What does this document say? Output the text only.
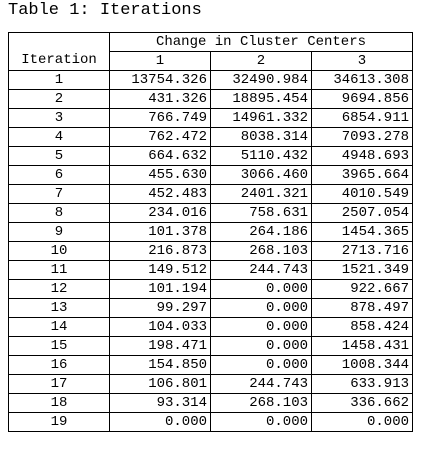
Table 1: Iterations
	Change in Cluster Centers		
Iteration	1	2	3
1	13754.326	32490.984	34613.308
2	431.326	18895.454	9694.856
3	766.749	14961.332	6854.911
4	762.472	8038.314	7093.278
5	664.632	5110.432	4948.693
6	455.630	3066.460	3965.664
7	452.483	2401.321	4010.549
8	234.016	758.631	2507.054
9	101.378	264.186	1454.365
10	216.873	268.103	2713.716
11	149.512	244.743	1521.349
12	101.194	0.000	922.667
13	99.297	0.000	878.497
14	104.033	0.000	858.424
15	198.471	0.000	1458.431
16	154.850	0.000	1008.344
17	106.801	244.743	633.913
18	93.314	268.103	336.662
19	0.000	0.000	0.000
